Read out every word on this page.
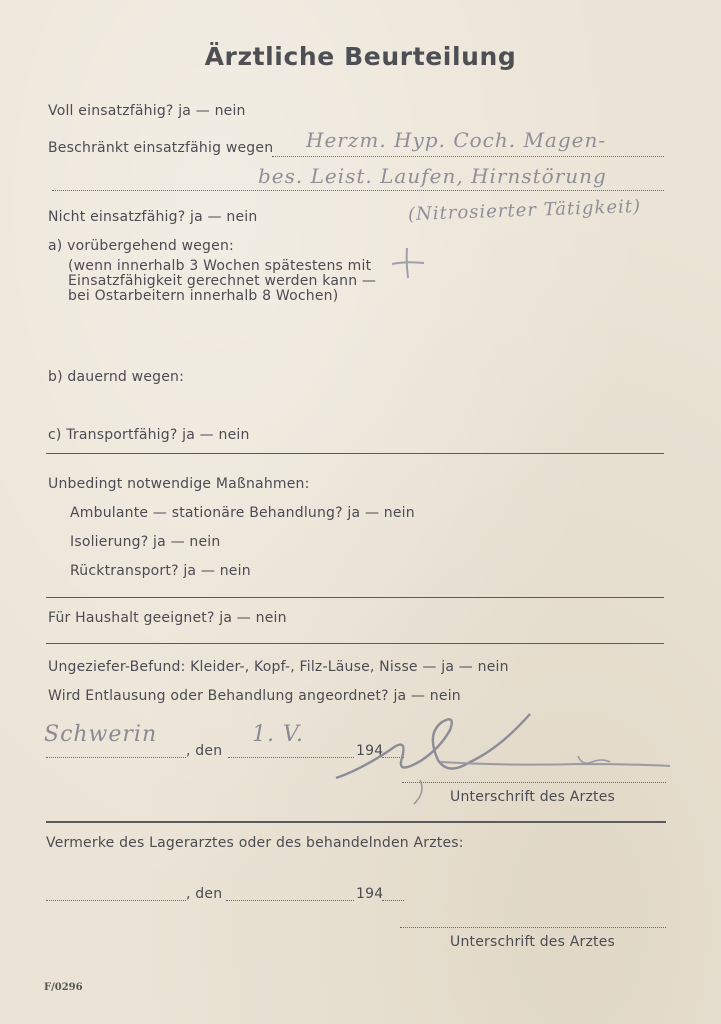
Ärztliche Beurteilung
Voll einsatzfähig? ja — nein
Beschränkt einsatzfähig wegen Herzm. Hyp. Coch. Magen-
bes. Leist. Laufen, Hirnstörung
(Nitrosierter Tätigkeit)
Nicht einsatzfähig? ja — nein
a) vorübergehend wegen:
(wenn innerhalb 3 Wochen spätestens mit
Einsatzfähigkeit gerechnet werden kann —
bei Ostarbeitern innerhalb 8 Wochen)
b) dauernd wegen:
c) Transportfähig? ja — nein
Unbedingt notwendige Maßnahmen:
Ambulante — stationäre Behandlung? ja — nein
Isolierung? ja — nein
Rücktransport? ja — nein
Für Haushalt geeignet? ja — nein
Ungeziefer-Befund: Kleider-, Kopf-, Filz-Läuse, Nisse — ja — nein
Wird Entlausung oder Behandlung angeordnet? ja — nein
Schwerin
, den
1. V.
194
Unterschrift des Arztes
Vermerke des Lagerarztes oder des behandelnden Arztes:
, den	194
Unterschrift des Arztes
F/0296
